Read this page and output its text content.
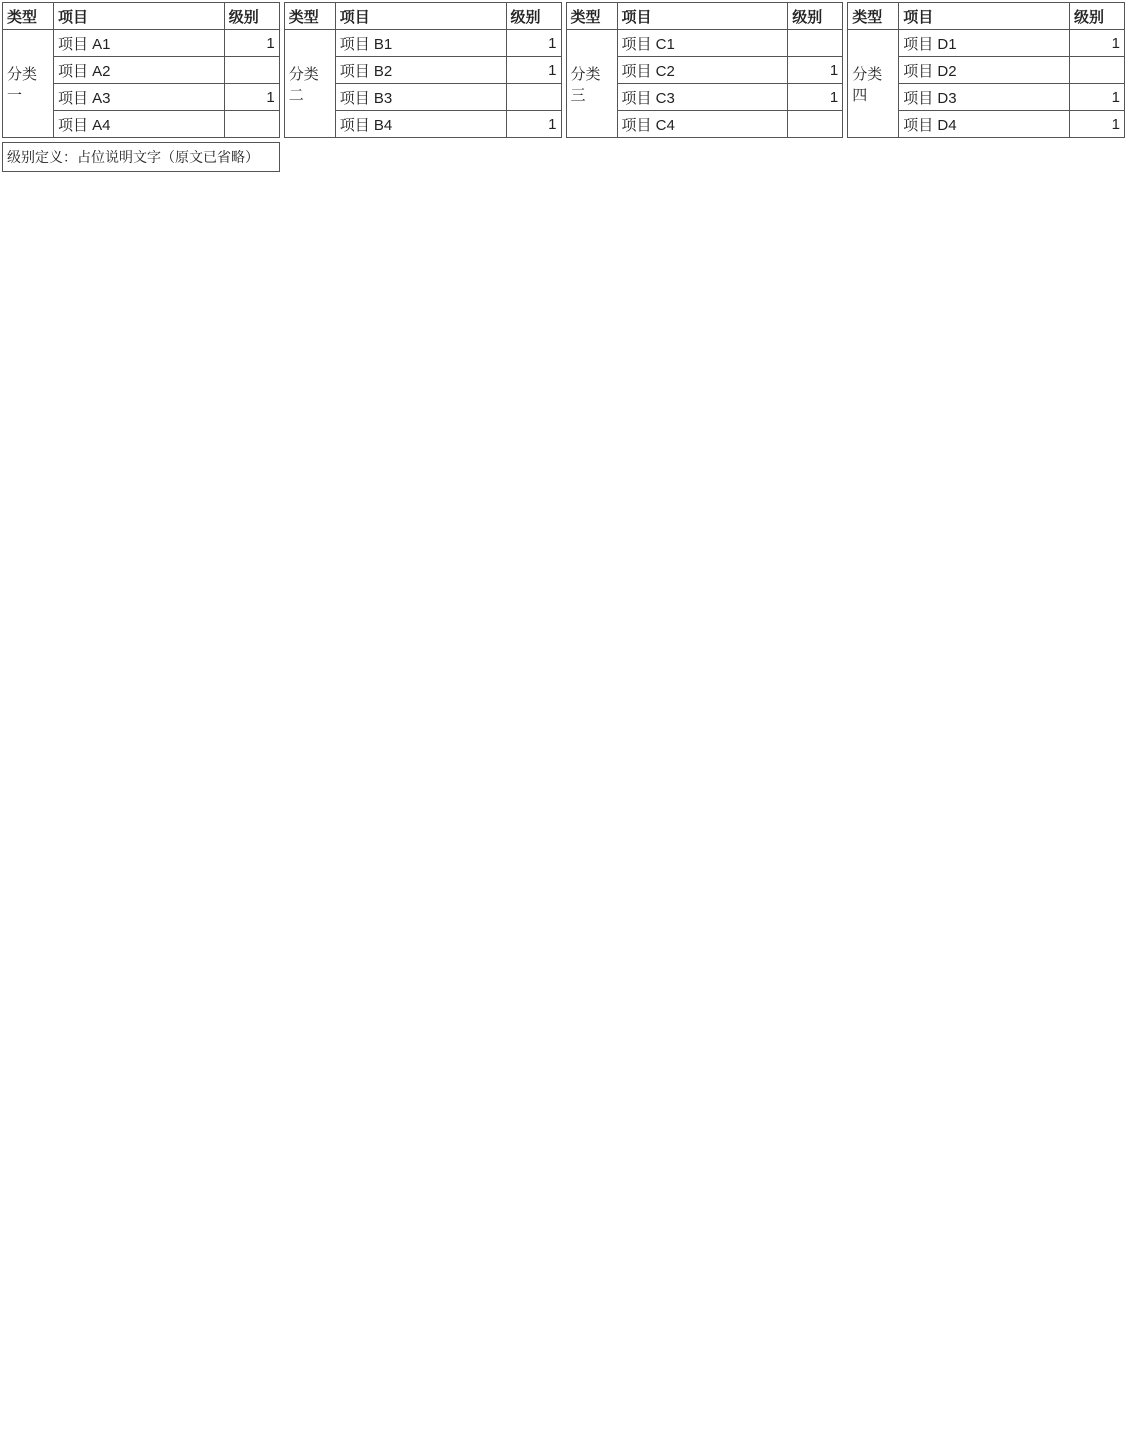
类型	项目	级别
分类一	项目 A1	1
	项目 A2	
	项目 A3	1
	项目 A4	
级别定义：占位说明文字（原文已省略）
类型	项目	级别
分类二	项目 B1	1
	项目 B2	1
	项目 B3	
	项目 B4	1
类型	项目	级别
分类三	项目 C1	
	项目 C2	1
	项目 C3	1
	项目 C4	
类型	项目	级别
分类四	项目 D1	1
	项目 D2	
	项目 D3	1
	项目 D4	1
